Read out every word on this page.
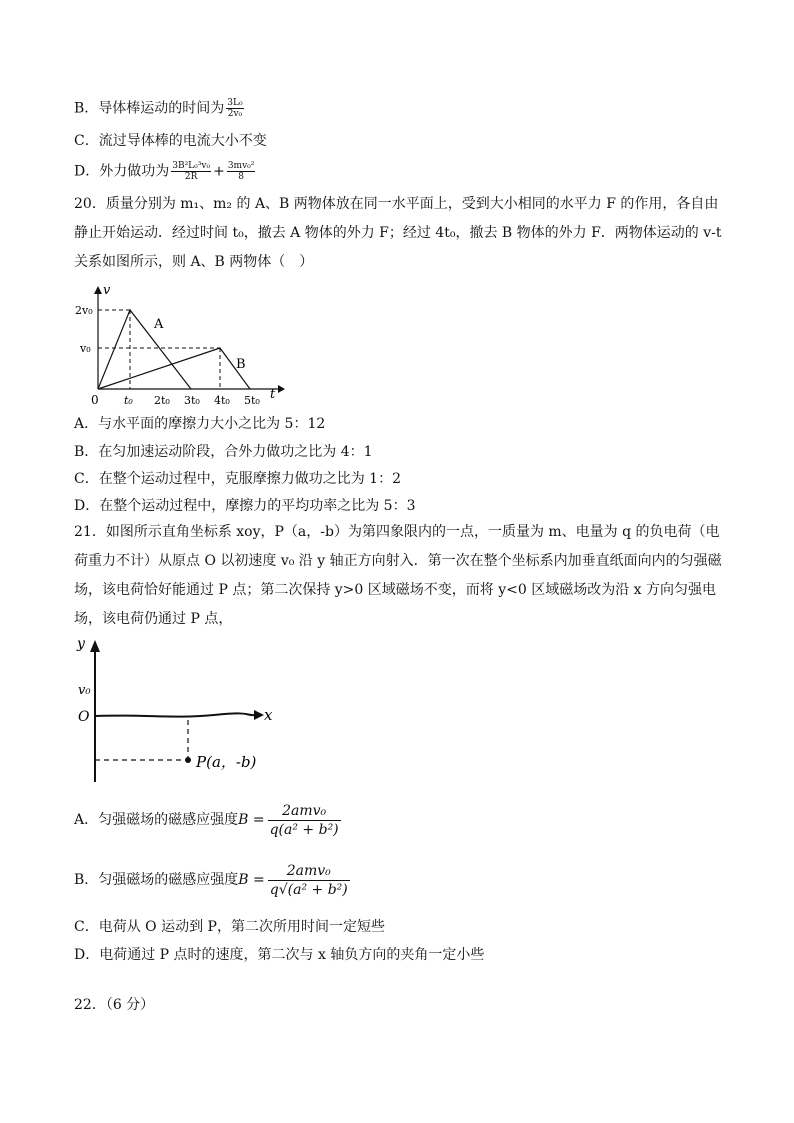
B．导体棒运动的时间为 $\frac{\text{3L₀}}{\text{2v₀}}$
C．流过导体棒的电流大小不变
D．外力做功为 $\frac{\text{3B²L₀³v₀}}{2R} + \frac{\text{3mv₀²}}{8}$
20．质量分别为 m₁、m₂ 的 A、B 两物体放在同一水平面上，受到大小相同的水平力 F 的作用，各自由静止开始运动．经过时间 t₀，撤去 A 物体的外力 F；经过 4t₀，撤去 B 物体的外力 F．两物体运动的 v-t 关系如图所示，则 A、B 两物体（　）
v
t
0
2v₀
v₀
t₀ 2t₀ 3t₀ 4t₀ 5t₀
A
B
A．与水平面的摩擦力大小之比为 5：12
B．在匀加速运动阶段，合外力做功之比为 4：1
C．在整个运动过程中，克服摩擦力做功之比为 1：2
D．在整个运动过程中，摩擦力的平均功率之比为 5：3
21．如图所示直角坐标系 xoy，P（a，-b）为第四象限内的一点，一质量为 m、电量为 q 的负电荷（电荷重力不计）从原点 O 以初速度 v₀ 沿 y 轴正方向射入．第一次在整个坐标系内加垂直纸面向内的匀强磁场，该电荷恰好能通过 P 点；第二次保持 y>0 区域磁场不变，而将 y<0 区域磁场改为沿 x 方向匀强电场，该电荷仍通过 P 点，
y
x
v₀
O
P(a，-b)
A．匀强磁场的磁感应强度$B = \frac{\text{2amv₀}}{\text{q(a² + b²)}}$
B．匀强磁场的磁感应强度$B = \frac{\text{2amv₀}}{\text{q√(a² + b²)}}$
C．电荷从 O 运动到 P，第二次所用时间一定短些
D．电荷通过 P 点时的速度，第二次与 x 轴负方向的夹角一定小些
22．（6 分）
